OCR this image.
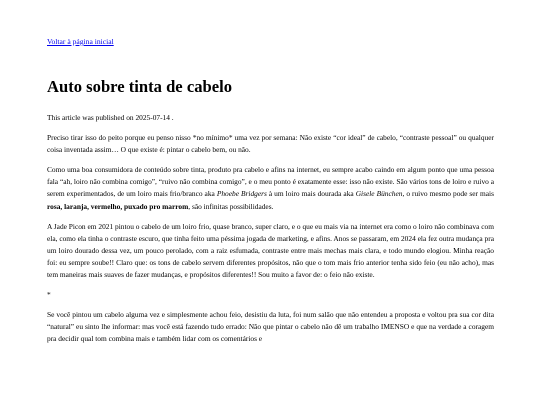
Voltar à página inicial
Auto sobre tinta de cabelo

This article was published on 2025-07-14 .

Preciso tirar isso do peito porque eu penso nisso *no mínimo* uma vez por semana: Não existe “cor ideal” de cabelo, “contraste pessoal” ou qualquer coisa inventada assim… O que existe é: pintar o cabelo bem, ou não.

Como uma boa consumidora de conteúdo sobre tinta, produto pra cabelo e afins na internet, eu sempre acabo caindo em algum ponto que uma pessoa fala “ah, loiro não combina comigo”, “ruivo não combina comigo”, e o meu ponto é exatamente esse: isso não existe. São vários tons de loiro e ruivo a serem experimentados, de um loiro mais frio/branco aka Phoebe Bridgers à um loiro mais dourada aka Gisele Bünchen, o ruivo mesmo pode ser mais rosa, laranja, vermelho, puxado pro marrom, são infinitas possibilidades.

A Jade Picon em 2021 pintou o cabelo de um loiro frio, quase branco, super claro, e o que eu mais via na internet era como o loiro não combinava com ela, como ela tinha o contraste escuro, que tinha feito uma péssima jogada de marketing, e afins. Anos se passaram, em 2024 ela fez outra mudança pra um loiro dourado dessa vez, um pouco perolado, com a raiz esfumada, contraste entre mais mechas mais clara, e todo mundo elogiou. Minha reação foi: eu sempre soube!! Claro que: os tons de cabelo servem diferentes propósitos, não que o tom mais frio anterior tenha sido feio (eu não acho), mas tem maneiras mais suaves de fazer mudanças, e propósitos diferentes!! Sou muito a favor de: o feio não existe.

*

Se você pintou um cabelo alguma vez e simplesmente achou feio, desistiu da luta, foi num salão que não entendeu a proposta e voltou pra sua cor dita “natural” eu sinto lhe informar: mas você está fazendo tudo errado: Não que pintar o cabelo não dê um trabalho IMENSO e que na verdade a coragem pra decidir qual tom combina mais e também lidar com os comentários e
